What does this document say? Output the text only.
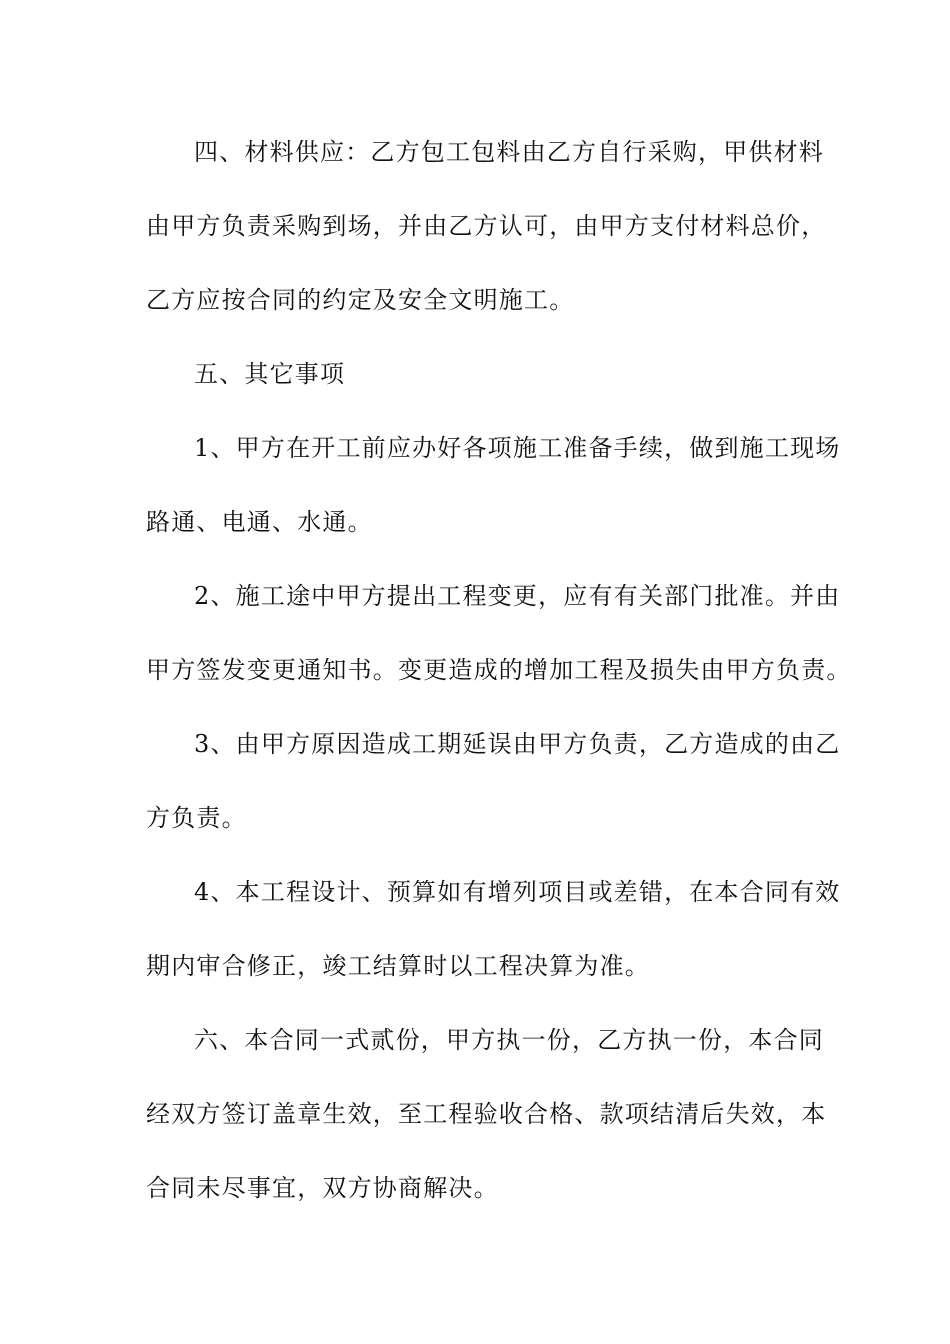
四、材料供应：乙方包工包料由乙方自行采购，甲供材料
由甲方负责采购到场，并由乙方认可，由甲方支付材料总价，
乙方应按合同的约定及安全文明施工。
五、其它事项
1、甲方在开工前应办好各项施工准备手续，做到施工现场
路通、电通、水通。
2、施工途中甲方提出工程变更，应有有关部门批准。并由
甲方签发变更通知书。变更造成的增加工程及损失由甲方负责。
3、由甲方原因造成工期延误由甲方负责，乙方造成的由乙
方负责。
4、本工程设计、预算如有增列项目或差错，在本合同有效
期内审合修正，竣工结算时以工程决算为准。
六、本合同一式贰份，甲方执一份，乙方执一份，本合同
经双方签订盖章生效，至工程验收合格、款项结清后失效，本
合同未尽事宜，双方协商解决。
